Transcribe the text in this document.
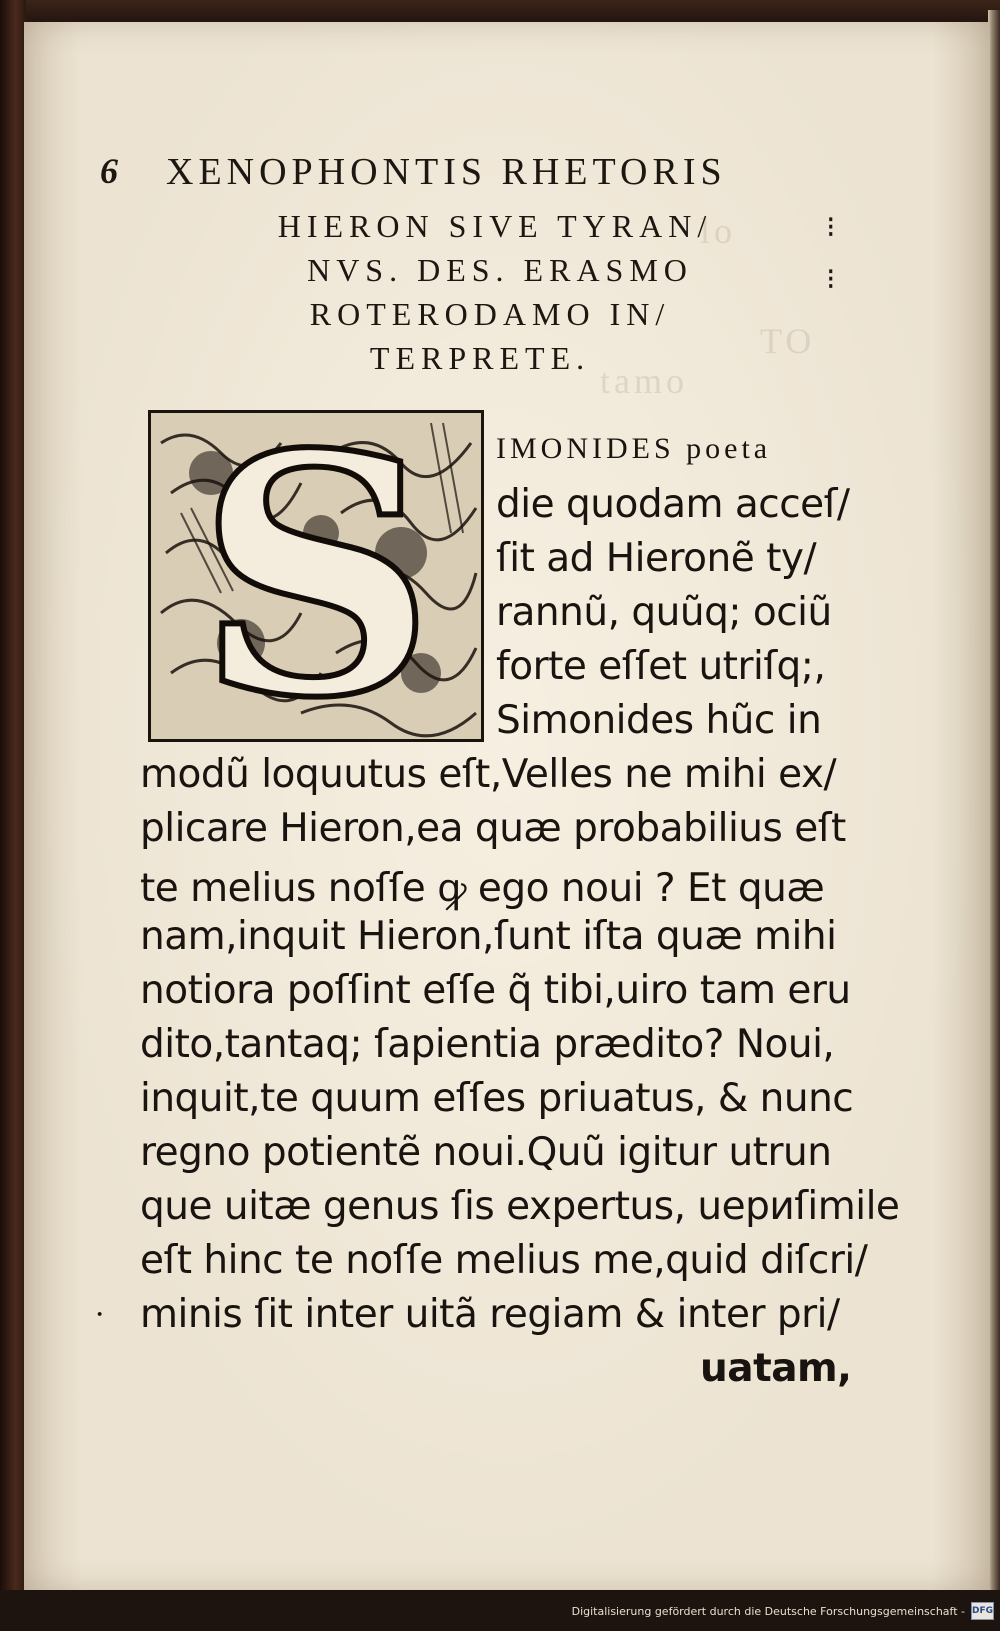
lo
TO
tamo
6 XENOPHONTIS RHETORIS
HIERON SIVE TYRAN/
NVS. DES. ERASMO
ROTERODAMO IN/
TERPRETE.
⁝
⁝
S	IMONIDES poeta
die quodam acceſ/
ſit ad Hieronẽ ty/
rannũ, quũq; ociũ
forte eſſet utriſq;,
Simonides hũc in
modũ loquutus eſt,Velles ne mihi ex/
plicare Hieron,ea quæ probabilius eſt
te melius noſſe ꝙ ego noui ? Et quæ
nam,inquit Hieron,ſunt iſta quæ mihi
notiora poſſint eſſe q̃ tibi,uiro tam eru
dito,tantaq; ſapientia prædito? Noui,
inquit,te quum eſſes priuatus, & nunc
regno potientẽ noui.Quũ igitur utrun
que uitæ genus ſis expertus, uериſimile
eſt hinc te noſſe melius me,quid diſcri/
minis ſit inter uitã regiam & inter pri/
·
uatam,
Digitalisierung gefördert durch die Deutsche Forschungsgemeinschaft - DFG
